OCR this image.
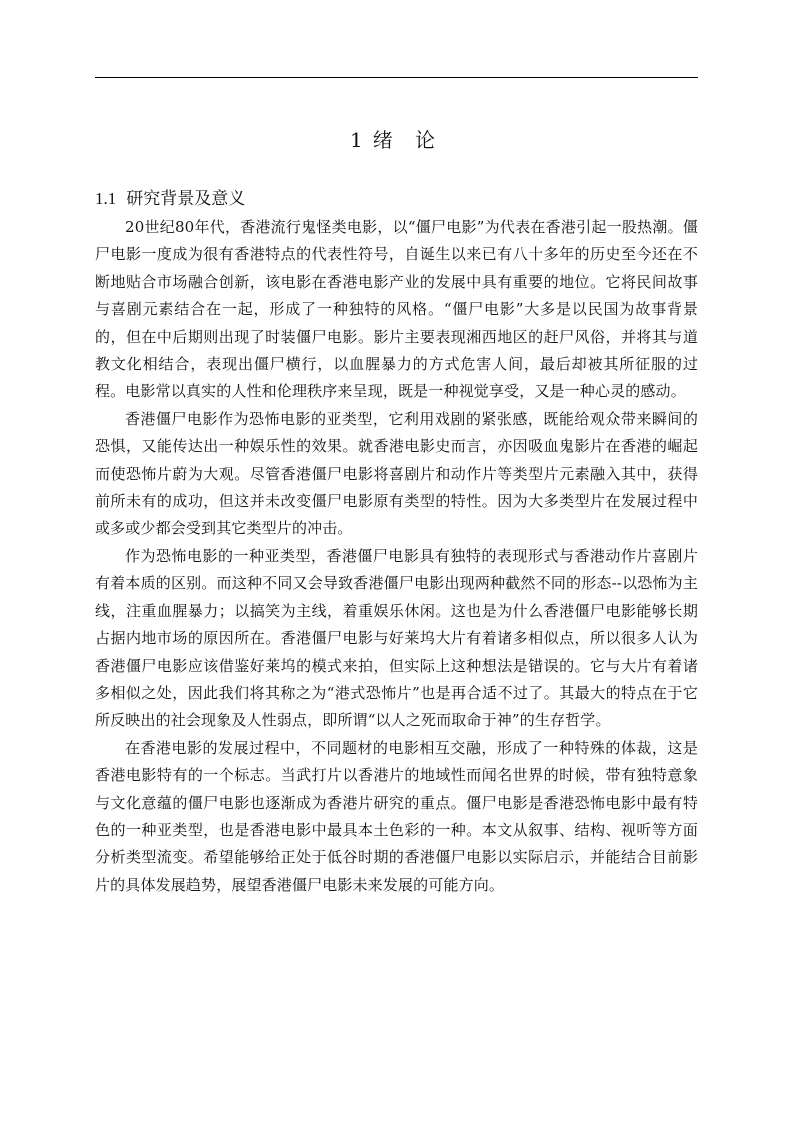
1 绪 论
1.1 研究背景及意义

20世纪80年代，香港流行鬼怪类电影，以“僵尸电影”为代表在香港引起一股热潮。僵尸电影一度成为很有香港特点的代表性符号，自诞生以来已有八十多年的历史至今还在不断地贴合市场融合创新，该电影在香港电影产业的发展中具有重要的地位。它将民间故事与喜剧元素结合在一起，形成了一种独特的风格。“僵尸电影”大多是以民国为故事背景的，但在中后期则出现了时装僵尸电影。影片主要表现湘西地区的赶尸风俗，并将其与道教文化相结合，表现出僵尸横行，以血腥暴力的方式危害人间，最后却被其所征服的过程。电影常以真实的人性和伦理秩序来呈现，既是一种视觉享受，又是一种心灵的感动。

香港僵尸电影作为恐怖电影的亚类型，它利用戏剧的紧张感，既能给观众带来瞬间的恐惧，又能传达出一种娱乐性的效果。就香港电影史而言，亦因吸血鬼影片在香港的崛起而使恐怖片蔚为大观。尽管香港僵尸电影将喜剧片和动作片等类型片元素融入其中，获得前所未有的成功，但这并未改变僵尸电影原有类型的特性。因为大多类型片在发展过程中或多或少都会受到其它类型片的冲击。

作为恐怖电影的一种亚类型，香港僵尸电影具有独特的表现形式与香港动作片喜剧片有着本质的区别。而这种不同又会导致香港僵尸电影出现两种截然不同的形态--以恐怖为主线，注重血腥暴力；以搞笑为主线，着重娱乐休闲。这也是为什么香港僵尸电影能够长期占据内地市场的原因所在。香港僵尸电影与好莱坞大片有着诸多相似点，所以很多人认为香港僵尸电影应该借鉴好莱坞的模式来拍，但实际上这种想法是错误的。它与大片有着诸多相似之处，因此我们将其称之为“港式恐怖片”也是再合适不过了。其最大的特点在于它所反映出的社会现象及人性弱点，即所谓“以人之死而取命于神”的生存哲学。

在香港电影的发展过程中，不同题材的电影相互交融，形成了一种特殊的体裁，这是香港电影特有的一个标志。当武打片以香港片的地域性而闻名世界的时候，带有独特意象与文化意蕴的僵尸电影也逐渐成为香港片研究的重点。僵尸电影是香港恐怖电影中最有特色的一种亚类型，也是香港电影中最具本土色彩的一种。本文从叙事、结构、视听等方面分析类型流变。希望能够给正处于低谷时期的香港僵尸电影以实际启示，并能结合目前影片的具体发展趋势，展望香港僵尸电影未来发展的可能方向。
